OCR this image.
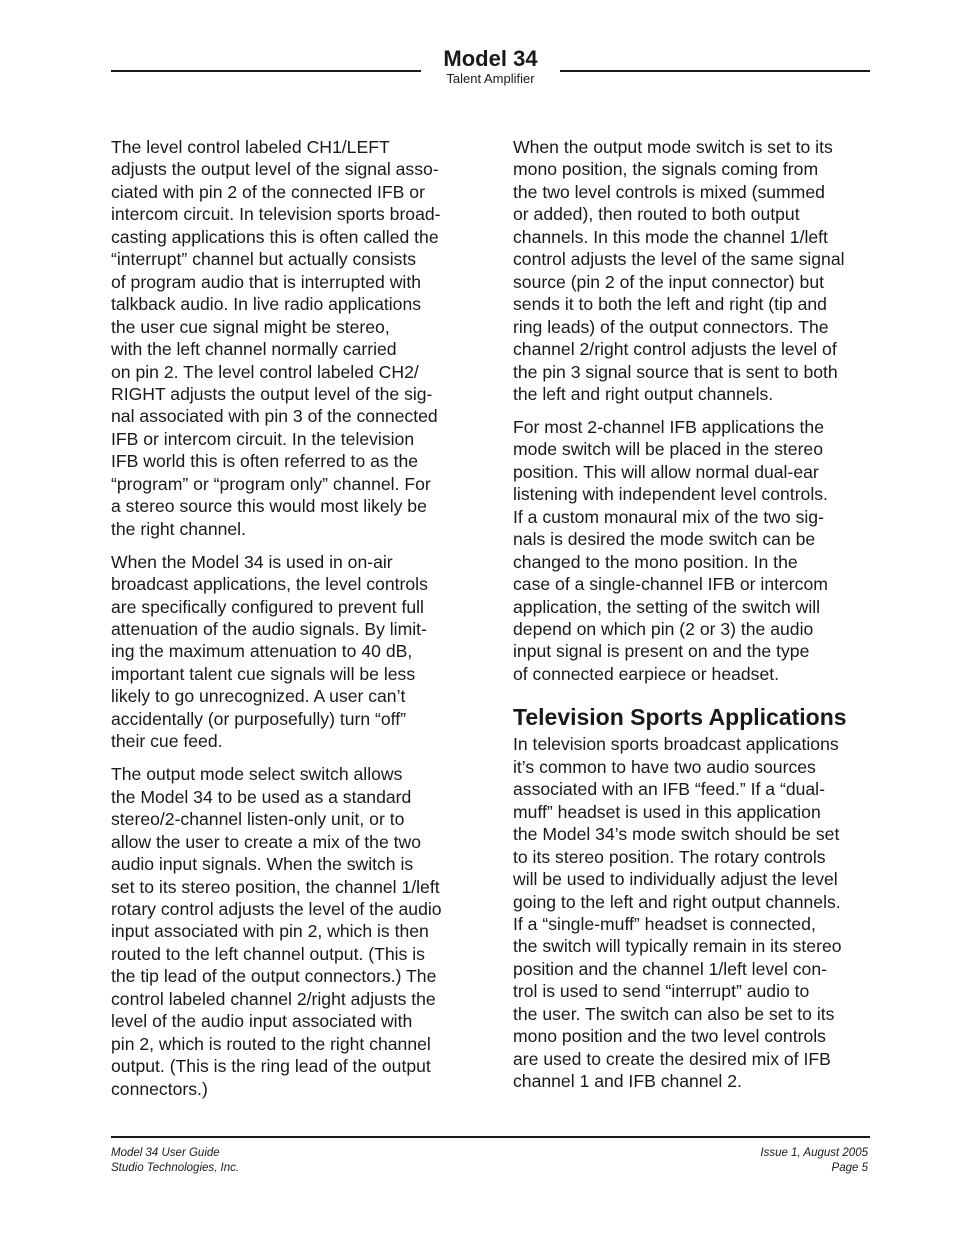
Model 34
Talent Amplifier

The level control labeled CH1/LEFT
adjusts the output level of the signal asso-
ciated with pin 2 of the connected IFB or
intercom circuit. In television sports broad-
casting applications this is often called the
“interrupt” channel but actually consists
of program audio that is interrupted with
talkback audio. In live radio applications
the user cue signal might be stereo,
with the left channel normally carried
on pin 2. The level control labeled CH2/
RIGHT adjusts the output level of the sig-
nal associated with pin 3 of the connected
IFB or intercom circuit. In the television
IFB world this is often referred to as the
“program” or “program only” channel. For
a stereo source this would most likely be
the right channel.

When the Model 34 is used in on-air
broadcast applications, the level controls
are specifically configured to prevent full
attenuation of the audio signals. By limit-
ing the maximum attenuation to 40 dB,
important talent cue signals will be less
likely to go unrecognized. A user can’t
accidentally (or purposefully) turn “off”
their cue feed.

The output mode select switch allows
the Model 34 to be used as a standard
stereo/2-channel listen-only unit, or to
allow the user to create a mix of the two
audio input signals. When the switch is
set to its stereo position, the channel 1/left
rotary control adjusts the level of the audio
input associated with pin 2, which is then
routed to the left channel output. (This is
the tip lead of the output connectors.) The
control labeled channel 2/right adjusts the
level of the audio input associated with
pin 2, which is routed to the right channel
output. (This is the ring lead of the output
connectors.)

When the output mode switch is set to its
mono position, the signals coming from
the two level controls is mixed (summed
or added), then routed to both output
channels. In this mode the channel 1/left
control adjusts the level of the same signal
source (pin 2 of the input connector) but
sends it to both the left and right (tip and
ring leads) of the output connectors. The
channel 2/right control adjusts the level of
the pin 3 signal source that is sent to both
the left and right output channels.

For most 2-channel IFB applications the
mode switch will be placed in the stereo
position. This will allow normal dual-ear
listening with independent level controls.
If a custom monaural mix of the two sig-
nals is desired the mode switch can be
changed to the mono position. In the
case of a single-channel IFB or intercom
application, the setting of the switch will
depend on which pin (2 or 3) the audio
input signal is present on and the type
of connected earpiece or headset.

Television Sports Applications

In television sports broadcast applications
it’s common to have two audio sources
associated with an IFB “feed.” If a “dual-
muff” headset is used in this application
the Model 34’s mode switch should be set
to its stereo position. The rotary controls
will be used to individually adjust the level
going to the left and right output channels.
If a “single-muff” headset is connected,
the switch will typically remain in its stereo
position and the channel 1/left level con-
trol is used to send “interrupt” audio to
the user. The switch can also be set to its
mono position and the two level controls
are used to create the desired mix of IFB
channel 1 and IFB channel 2.

Model 34 User Guide
Studio Technologies, Inc.
Issue 1, August 2005
Page 5
